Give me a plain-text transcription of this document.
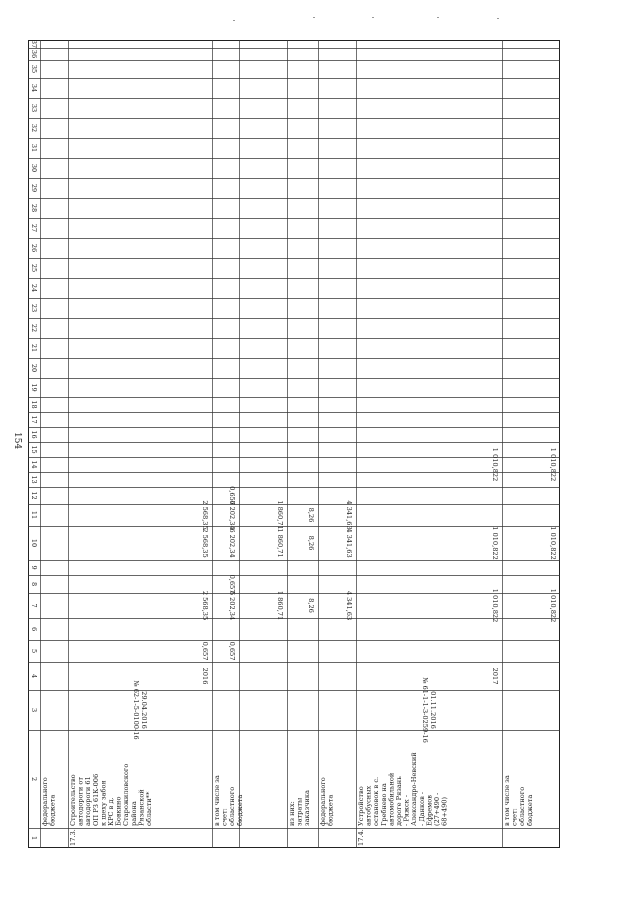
154
1
2
3
4
5
6
7
8
9
10
11
12
13
14
15
16
17
18
19
20
21
22
23
24
25
26
27
28
29
30
31
32
33
34
35
36
37
федерального бюджета
17.3.
Строительство автодороги от автодороги 61 ОП РЗ 61К-006 к шеху забоя КРС в д. Бовкино Старожиловского района Рязанской области**
2016
0,657
2 568,35
2 568,35
2 568,35
29.04.2016
№ 62-1-5-0100-16
в том числе за счет: областного бюджета
0,657
6 202,34
0,657
6 202,34
6 202,34
0,657
1 860,71
1 860,71
1 860,71
из них: затраты заказчика
8,26
8,26
8,26
федерального бюджета
4 341,63
4 341,63
4 341,63
17.4.
Устройство автобусных остановок в с. Гребнево на автомобильной дороге Рязань - Ряжск - Александро-Невский - Данков - Ефремов (27+490 - 68+490)
2017
1 010,822
1 010,822
1 010,822
01.11.2016
№ 61-1-1-3-0259-16
в том числе за счет: областного бюджета
1 010,822
1 010,822
1 010,822
